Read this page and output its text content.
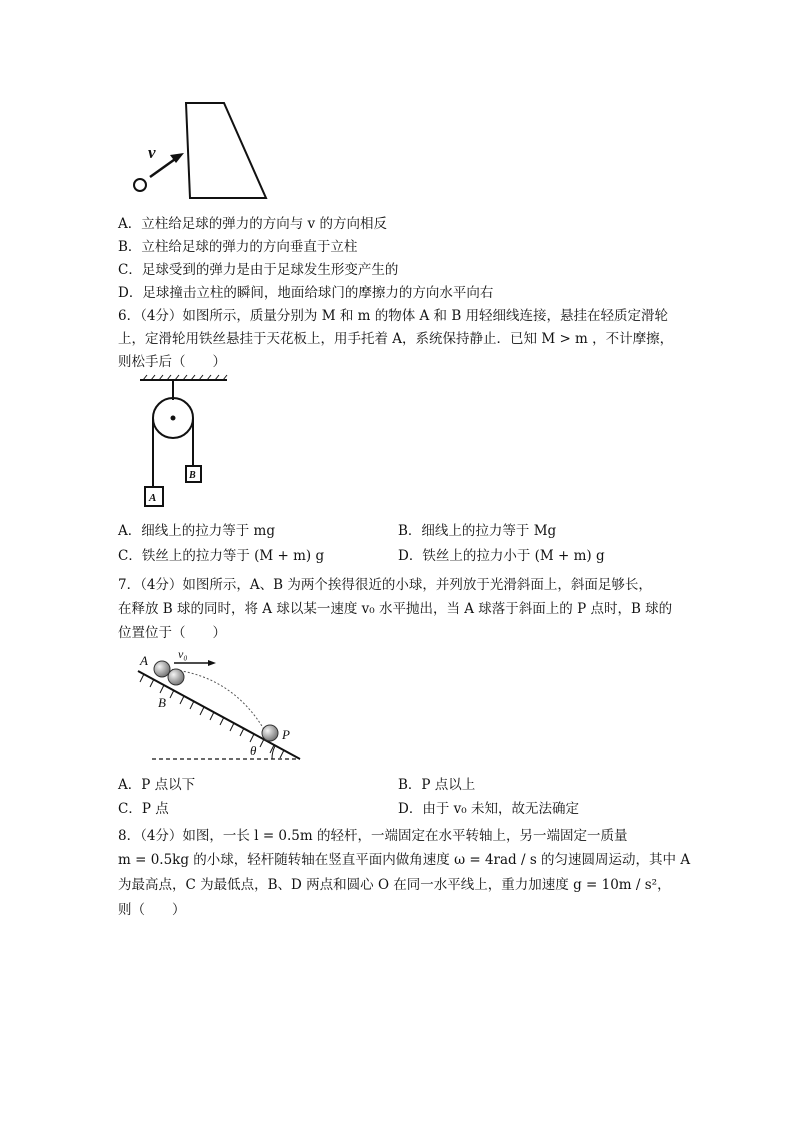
v
A．立柱给足球的弹力的方向与 v 的方向相反
B．立柱给足球的弹力的方向垂直于立柱
C．足球受到的弹力是由于足球发生形变产生的
D．足球撞击立柱的瞬间，地面给球门的摩擦力的方向水平向右
6．（4分）如图所示，质量分别为 M 和 m 的物体 A 和 B 用轻细线连接，悬挂在轻质定滑轮
上，定滑轮用铁丝悬挂于天花板上，用手托着 A，系统保持静止．已知 M > m ，不计摩擦，
则松手后（　　）
A
B
A．细线上的拉力等于 mg	B．细线上的拉力等于 Mg
C．铁丝上的拉力等于 (M + m) g	D．铁丝上的拉力小于 (M + m) g
7．（4分）如图所示，A、B 为两个挨得很近的小球，并列放于光滑斜面上，斜面足够长，
在释放 B 球的同时，将 A 球以某一速度 v₀ 水平抛出，当 A 球落于斜面上的 P 点时，B 球的
位置位于（　　）
A
B
P
v₀
θ
A．P 点以下	B．P 点以上
C．P 点	D．由于 v₀ 未知，故无法确定
8．（4分）如图，一长 l = 0.5m 的轻杆，一端固定在水平转轴上，另一端固定一质量
m = 0.5kg 的小球，轻杆随转轴在竖直平面内做角速度 ω = 4rad / s 的匀速圆周运动，其中 A
为最高点，C 为最低点，B、D 两点和圆心 O 在同一水平线上，重力加速度 g = 10m / s²，
则（　　）
